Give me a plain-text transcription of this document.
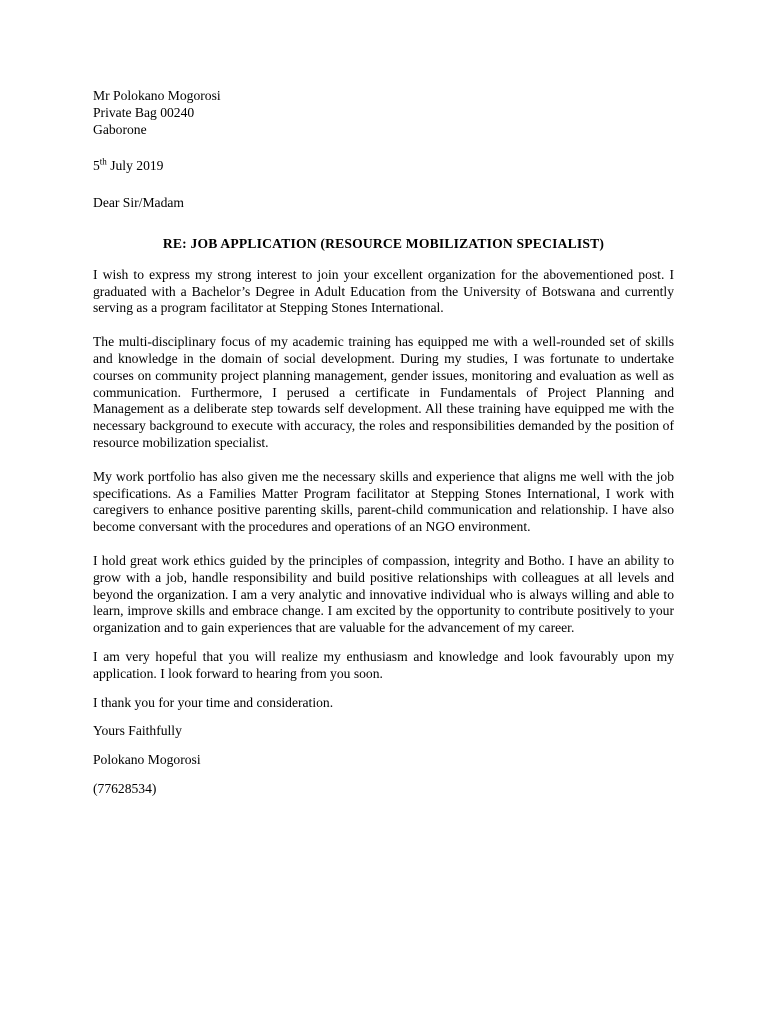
Mr Polokano Mogorosi
Private Bag 00240
Gaborone
5th July 2019
Dear Sir/Madam
RE: JOB APPLICATION (RESOURCE MOBILIZATION SPECIALIST)

I wish to express my strong interest to join your excellent organization for the abovementioned post. I graduated with a Bachelor’s Degree in Adult Education from the University of Botswana and currently serving as a program facilitator at Stepping Stones International.

The multi-disciplinary focus of my academic training has equipped me with a well-rounded set of skills and knowledge in the domain of social development. During my studies, I was fortunate to undertake courses on community project planning management, gender issues, monitoring and evaluation as well as communication. Furthermore, I perused a certificate in Fundamentals of Project Planning and Management as a deliberate step towards self development. All these training have equipped me with the necessary background to execute with accuracy, the roles and responsibilities demanded by the position of resource mobilization specialist.

My work portfolio has also given me the necessary skills and experience that aligns me well with the job specifications. As a Families Matter Program facilitator at Stepping Stones International, I work with caregivers to enhance positive parenting skills, parent-child communication and relationship. I have also become conversant with the procedures and operations of an NGO environment.

I hold great work ethics guided by the principles of compassion, integrity and Botho. I have an ability to grow with a job, handle responsibility and build positive relationships with colleagues at all levels and beyond the organization. I am a very analytic and innovative individual who is always willing and able to learn, improve skills and embrace change. I am excited by the opportunity to contribute positively to your organization and to gain experiences that are valuable for the advancement of my career.

I am very hopeful that you will realize my enthusiasm and knowledge and look favourably upon my application. I look forward to hearing from you soon.

I thank you for your time and consideration.

Yours Faithfully
Polokano Mogorosi
(77628534)
